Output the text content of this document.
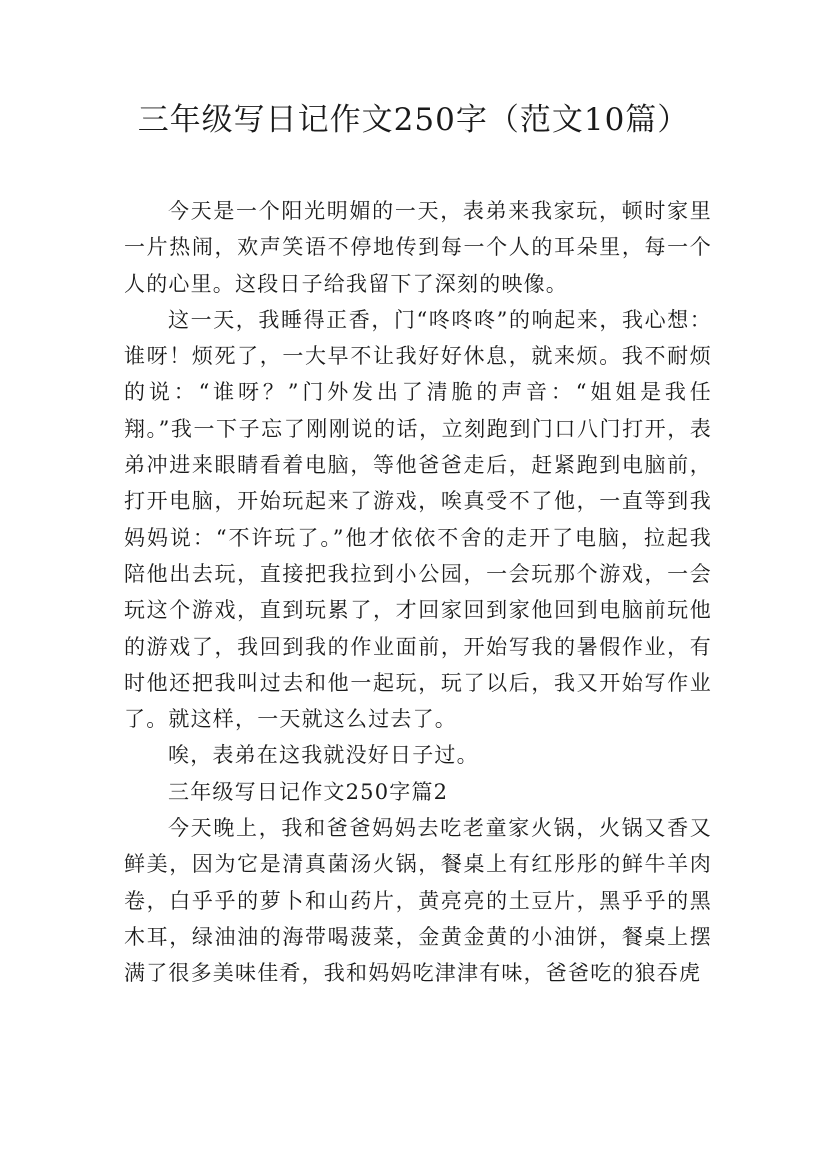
三年级写日记作文250字（范文10篇）

今天是一个阳光明媚的一天，表弟来我家玩，顿时家里一片热闹，欢声笑语不停地传到每一个人的耳朵里，每一个人的心里。这段日子给我留下了深刻的映像。

这一天，我睡得正香，门“咚咚咚”的响起来，我心想：谁呀！烦死了，一大早不让我好好休息，就来烦。我不耐烦的说：“谁呀？”门外发出了清脆的声音：“姐姐是我任翔。”我一下子忘了刚刚说的话，立刻跑到门口八门打开，表弟冲进来眼睛看着电脑，等他爸爸走后，赶紧跑到电脑前，打开电脑，开始玩起来了游戏，唉真受不了他，一直等到我妈妈说：“不许玩了。”他才依依不舍的走开了电脑，拉起我陪他出去玩，直接把我拉到小公园，一会玩那个游戏，一会玩这个游戏，直到玩累了，才回家回到家他回到电脑前玩他的游戏了，我回到我的作业面前，开始写我的暑假作业，有时他还把我叫过去和他一起玩，玩了以后，我又开始写作业了。就这样，一天就这么过去了。

唉，表弟在这我就没好日子过。

三年级写日记作文250字篇2

今天晚上，我和爸爸妈妈去吃老童家火锅，火锅又香又鲜美，因为它是清真菌汤火锅，餐桌上有红彤彤的鲜牛羊肉卷，白乎乎的萝卜和山药片，黄亮亮的土豆片，黑乎乎的黑木耳，绿油油的海带喝菠菜，金黄金黄的小油饼，餐桌上摆满了很多美味佳肴，我和妈妈吃津津有味，爸爸吃的狼吞虎
